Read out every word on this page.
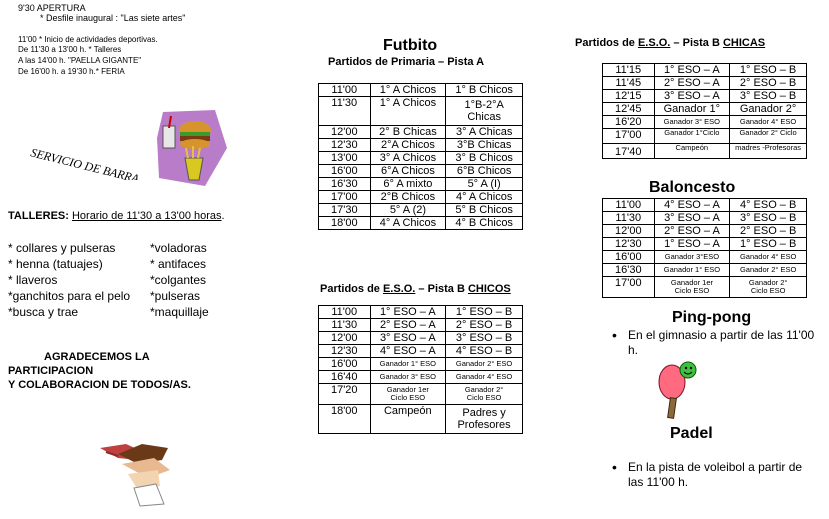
9'30 APERTURA
* Desfile inaugural : "Las siete artes"
11'00 * Inicio de actividades deportivas.
De 11'30 a 13'00 h. * Talleres
A las 14'00 h. "PAELLA GIGANTE"
De 16'00 h. a 19'30 h.* FERIA
SERVICIO DE BARRA
TALLERES: Horario de 11'30 a 13'00 horas.
* collares y pulseras
* henna (tatuajes)
* llaveros
*ganchitos para el pelo
*busca y trae
*voladoras
* antifaces
*colgantes
*pulseras
*maquillaje
AGRADECEMOS LA
PARTICIPACION
Y COLABORACION DE TODOS/AS.
Futbito
Partidos de Primaria – Pista A
11'00	1° A Chicos	1° B Chicos
11'30	1° A Chicos	1°B-2°A Chicas
12'00	2° B Chicas	3° A Chicas
12'30	2°A Chicos	3°B Chicas
13'00	3° A Chicos	3° B Chicos
16'00	6°A Chicos	6°B Chicos
16'30	6° A mixto	5° A (I)
17'00	2°B Chicos	4° A Chicos
17'30	5° A (2)	5° B Chicos
18'00	4° A Chicos	4° B Chicos
Partidos de E.S.O. – Pista B CHICOS
11'00	1° ESO – A	1° ESO – B
11'30	2° ESO – A	2° ESO – B
12'00	3° ESO – A	3° ESO – B
12'30	4° ESO – A	4° ESO – B
16'00	Ganador 1° ESO	Ganador 2° ESO
16'40	Ganador 3° ESO	Ganador 4° ESO
17'20	Ganador 1er Ciclo ESO	Ganador 2° Ciclo ESO
18'00	Campeón	Padres y Profesores
Partidos de E.S.O. – Pista B CHICAS
11'15	1° ESO – A	1° ESO – B
11'45	2° ESO – A	2° ESO – B
12'15	3° ESO – A	3° ESO – B
12'45	Ganador 1°	Ganador 2°
16'20	Ganador 3° ESO	Ganador 4° ESO
17'00	Ganador 1°Ciclo	Ganador 2° Ciclo
17'40	Campeón	madres -Profesoras
Baloncesto
11'00	4° ESO – A	4° ESO – B
11'30	3° ESO – A	3° ESO – B
12'00	2° ESO – A	2° ESO – B
12'30	1° ESO – A	1° ESO – B
16'00	Ganador 3°ESO	Ganador 4° ESO
16'30	Ganador 1° ESO	Ganador 2° ESO
17'00	Ganador 1er Ciclo ESO	Ganador 2° Ciclo ESO
Ping-pong
• En el gimnasio a partir de las 11'00 h.
Padel
• En la pista de voleibol a partir de las 11'00 h.
